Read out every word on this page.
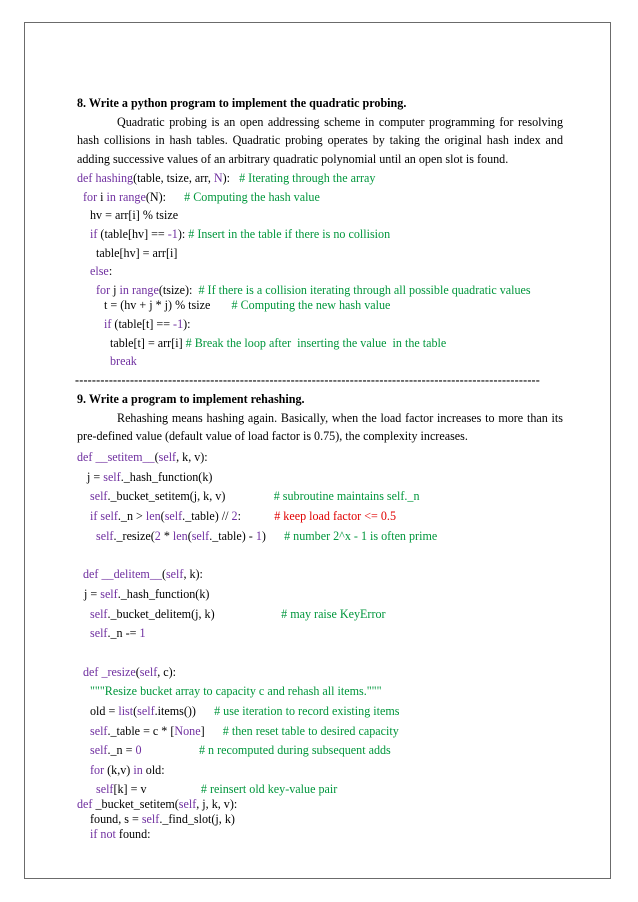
8. Write a python program to implement the quadratic probing.
Quadratic probing is an open addressing scheme in computer programming for resolving hash collisions in hash tables. Quadratic probing operates by taking the original hash index and adding successive values of an arbitrary quadratic polynomial until an open slot is found.
def hashing(table, tsize, arr, N):   # Iterating through the array
for i in range(N):      # Computing the hash value
hv = arr[i] % tsize
if (table[hv] == -1): # Insert in the table if there is no collision
table[hv] = arr[i]
else:
for j in range(tsize):  # If there is a collision iterating through all possible quadratic values
t = (hv + j * j) % tsize       # Computing the new hash value
if (table[t] == -1):
table[t] = arr[i] # Break the loop after  inserting the value  in the table
break
--------------------------------------------------------------------------------------------------------------
9. Write a program to implement rehashing.
Rehashing means hashing again. Basically, when the load factor increases to more than its pre-defined value (default value of load factor is 0.75), the complexity increases.
def __setitem__(self, k, v):
j = self._hash_function(k)
self._bucket_setitem(j, k, v)                # subroutine maintains self._n
if self._n > len(self._table) // 2:           # keep load factor <= 0.5
self._resize(2 * len(self._table) - 1)      # number 2^x - 1 is often prime
def __delitem__(self, k):
j = self._hash_function(k)
self._bucket_delitem(j, k)                      # may raise KeyError
self._n -= 1
def _resize(self, c):
"""Resize bucket array to capacity c and rehash all items."""
old = list(self.items())      # use iteration to record existing items
self._table = c * [None]      # then reset table to desired capacity
self._n = 0	# n recomputed during subsequent adds
for (k,v) in old:
self[k] = v                  # reinsert old key-value pair
def _bucket_setitem(self, j, k, v):
found, s = self._find_slot(j, k)
if not found:
